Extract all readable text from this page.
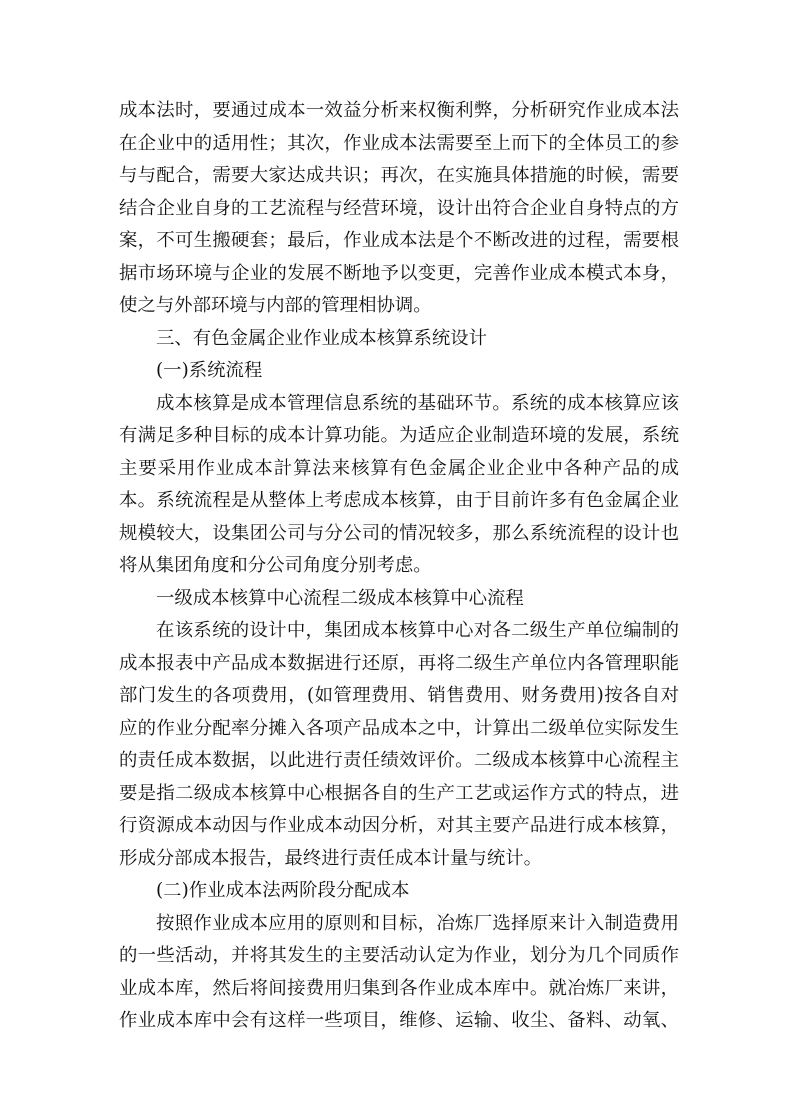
成本法时，要通过成本一效益分析来权衡利弊，分析研究作业成本法
在企业中的适用性；其次，作业成本法需要至上而下的全体员工的参
与与配合，需要大家达成共识；再次，在实施具体措施的时候，需要
结合企业自身的工艺流程与经营环境，设计出符合企业自身特点的方
案，不可生搬硬套；最后，作业成本法是个不断改进的过程，需要根
据市场环境与企业的发展不断地予以变更，完善作业成本模式本身，
使之与外部环境与内部的管理相协调。
三、有色金属企业作业成本核算系统设计
(一)系统流程
成本核算是成本管理信息系统的基础环节。系统的成本核算应该
有满足多种目标的成本计算功能。为适应企业制造环境的发展，系统
主要采用作业成本計算法来核算有色金属企业企业中各种产品的成
本。系统流程是从整体上考虑成本核算，由于目前许多有色金属企业
规模较大，设集团公司与分公司的情况较多，那么系统流程的设计也
将从集团角度和分公司角度分别考虑。
一级成本核算中心流程二级成本核算中心流程
在该系统的设计中，集团成本核算中心对各二级生产单位编制的
成本报表中产品成本数据进行还原，再将二级生产单位内各管理职能
部门发生的各项费用，(如管理费用、销售费用、财务费用)按各自对
应的作业分配率分摊入各项产品成本之中，计算出二级单位实际发生
的责任成本数据，以此进行责任绩效评价。二级成本核算中心流程主
要是指二级成本核算中心根据各自的生产工艺或运作方式的特点，进
行资源成本动因与作业成本动因分析，对其主要产品进行成本核算，
形成分部成本报告，最终进行责任成本计量与统计。
(二)作业成本法两阶段分配成本
按照作业成本应用的原则和目标，冶炼厂选择原来计入制造费用
的一些活动，并将其发生的主要活动认定为作业，划分为几个同质作
业成本库，然后将间接费用归集到各作业成本库中。就冶炼厂来讲，
作业成本库中会有这样一些项目，维修、运输、收尘、备料、动氧、
